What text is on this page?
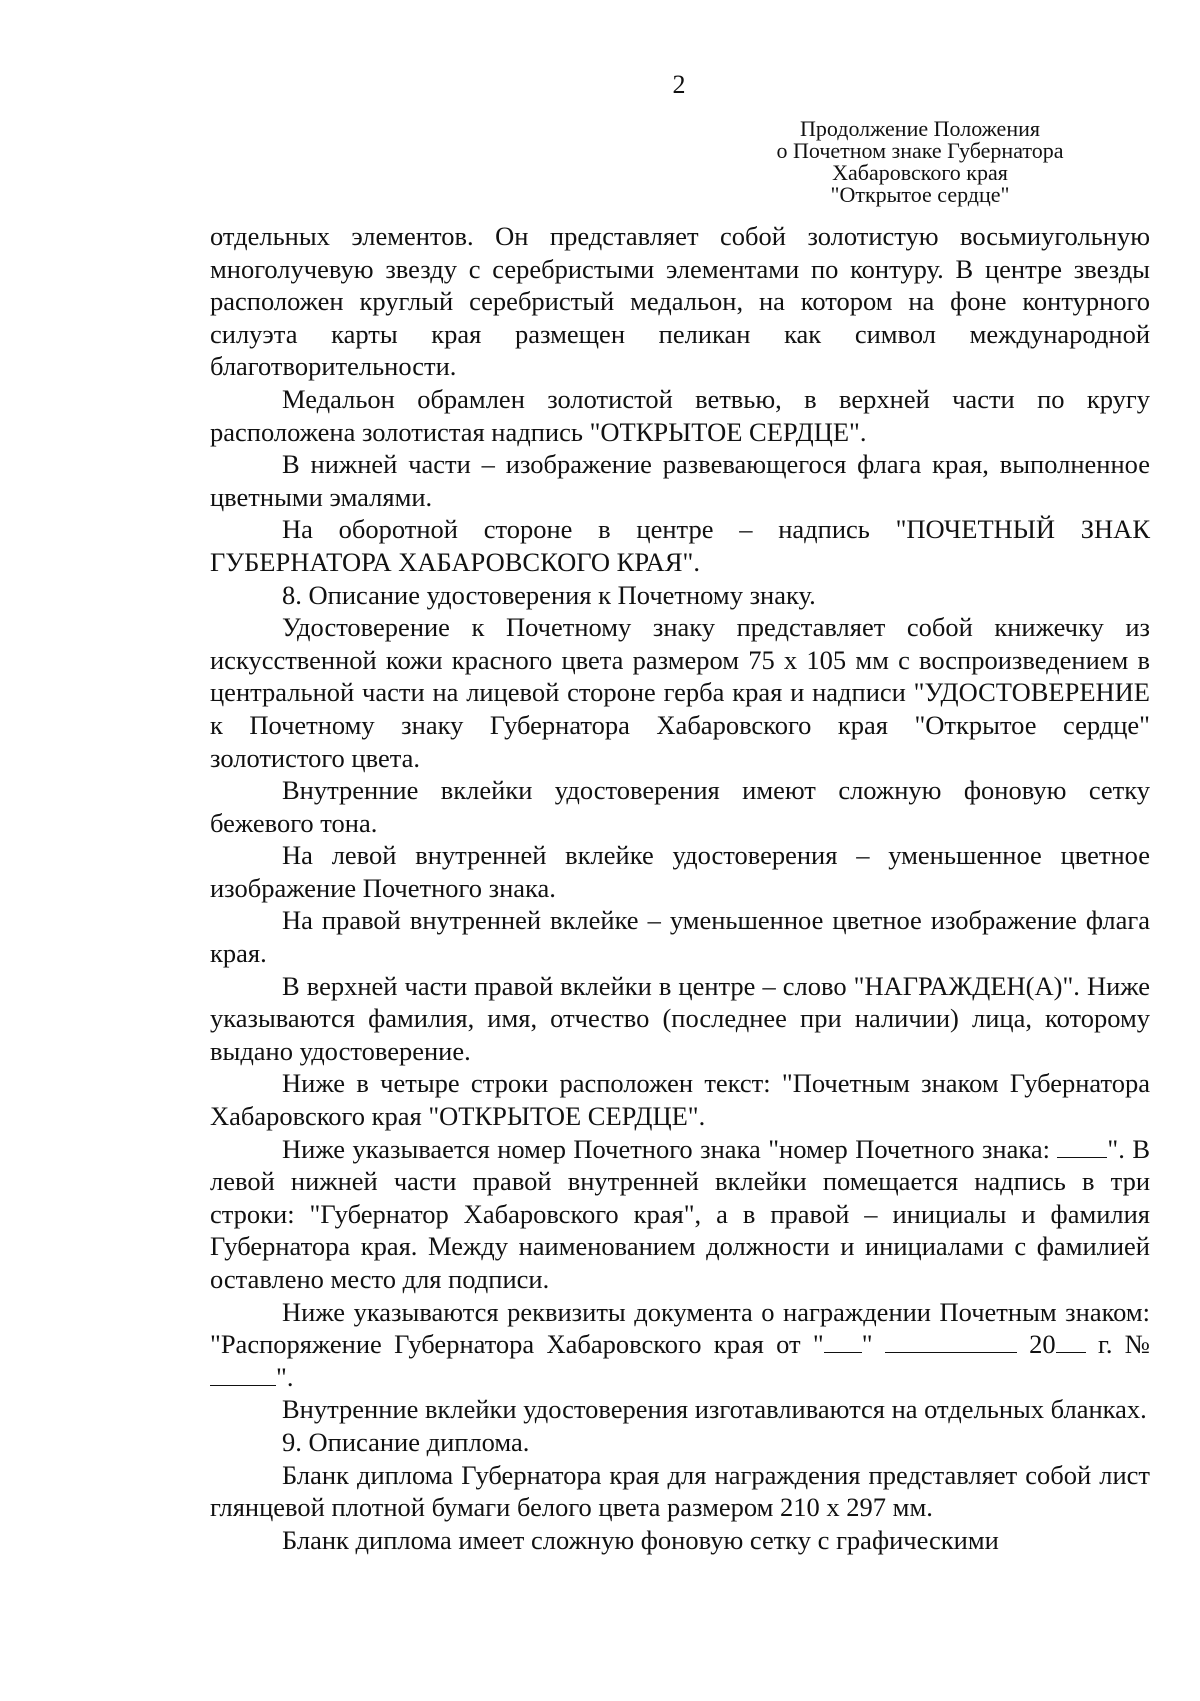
2
Продолжение Положения
о Почетном знаке Губернатора
Хабаровского края
"Открытое сердце"

отдельных элементов. Он представляет собой золотистую восьмиугольную многолучевую звезду с серебристыми элементами по контуру. В центре звезды расположен круглый серебристый медальон, на котором на фоне контурного силуэта карты края размещен пеликан как символ международной благотворительности.

Медальон обрамлен золотистой ветвью, в верхней части по кругу расположена золотистая надпись "ОТКРЫТОЕ СЕРДЦЕ".

В нижней части – изображение развевающегося флага края, выполненное цветными эмалями.

На оборотной стороне в центре – надпись "ПОЧЕТНЫЙ ЗНАК ГУБЕРНАТОРА ХАБАРОВСКОГО КРАЯ".

8. Описание удостоверения к Почетному знаку.

Удостоверение к Почетному знаку представляет собой книжечку из искусственной кожи красного цвета размером 75 х 105 мм с воспроизведением в центральной части на лицевой стороне герба края и надписи "УДОСТОВЕРЕНИЕ к Почетному знаку Губернатора Хабаровского края "Открытое сердце" золотистого цвета.

Внутренние вклейки удостоверения имеют сложную фоновую сетку бежевого тона.

На левой внутренней вклейке удостоверения – уменьшенное цветное изображение Почетного знака.

На правой внутренней вклейке – уменьшенное цветное изображение флага края.

В верхней части правой вклейки в центре – слово "НАГРАЖДЕН(А)". Ниже указываются фамилия, имя, отчество (последнее при наличии) лица, которому выдано удостоверение.

Ниже в четыре строки расположен текст: "Почетным знаком Губернатора Хабаровского края "ОТКРЫТОЕ СЕРДЦЕ".

Ниже указывается номер Почетного знака "номер Почетного знака: ". В левой нижней части правой внутренней вклейки помещается надпись в три строки: "Губернатор Хабаровского края", а в правой – инициалы и фамилия Губернатора края. Между наименованием должности и инициалами с фамилией оставлено место для подписи.

Ниже указываются реквизиты документа о награждении Почетным знаком: "Распоряжение Губернатора Хабаровского края от " "	20 г. № ".

Внутренние вклейки удостоверения изготавливаются на отдельных бланках.

9. Описание диплома.

Бланк диплома Губернатора края для награждения представляет собой лист глянцевой плотной бумаги белого цвета размером 210 х 297 мм.

Бланк диплома имеет сложную фоновую сетку с графическими
